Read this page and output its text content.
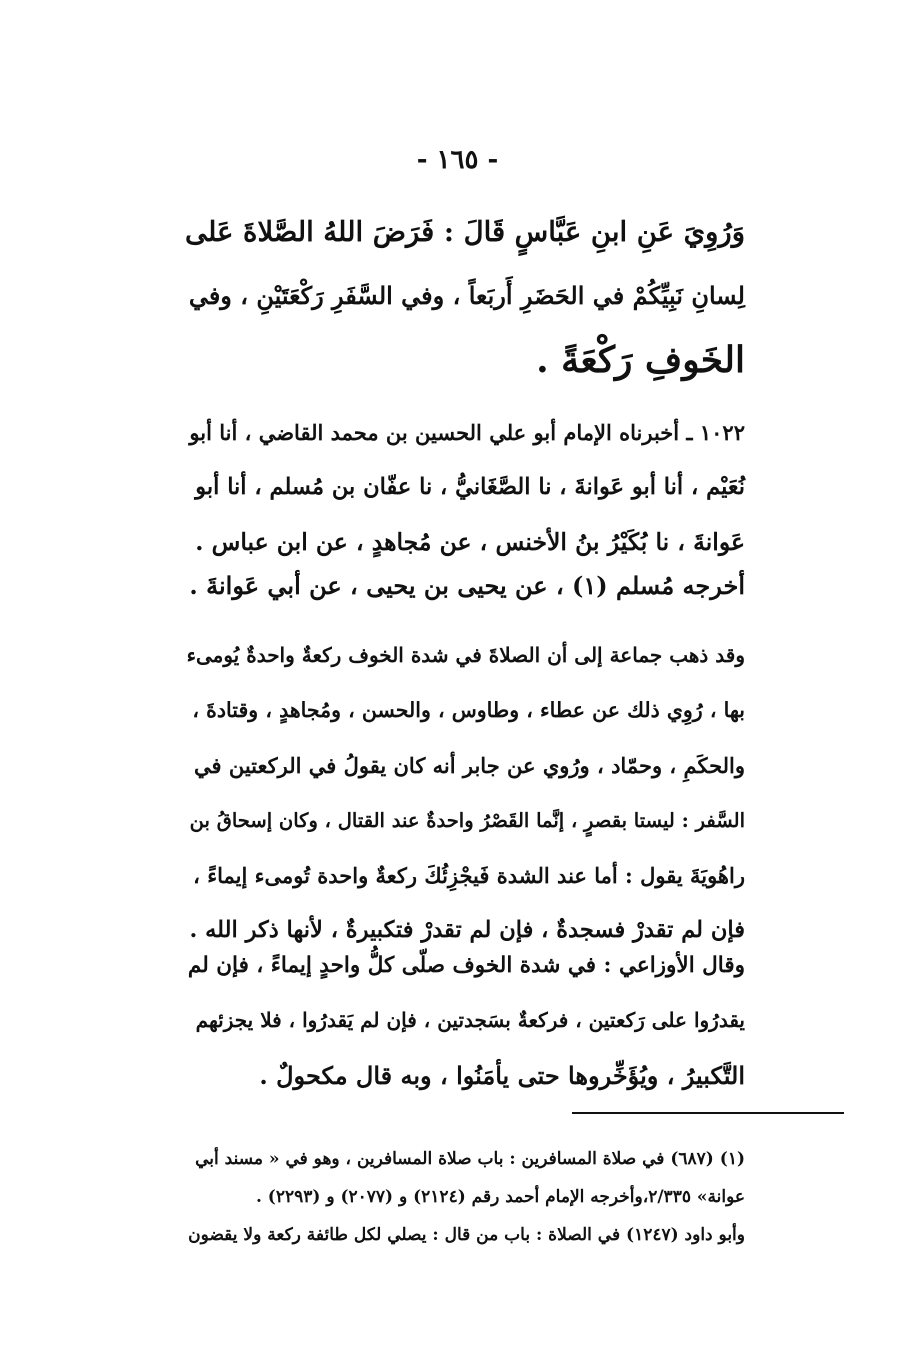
- ١٦٥ -
وَرُوِيَ عَنِ ابنِ عَبَّاسٍ قَالَ : فَرَضَ اللهُ الصَّلاةَ عَلى
لِسانِ نَبِيِّكُمْ في الحَضَرِ أَربَعاً ، وفي السَّفَرِ رَكْعَتَيْنِ ، وفي
الخَوفِ رَكْعَةً .
١٠٢٢ ـ أخبرناه الإمام أبو علي الحسين بن محمد القاضي ، أنا أبو
نُعَيْم ، أنا أبو عَوانةَ ، نا الصَّغَانيُّ ، نا عفّان بن مُسلم ، أنا أبو
عَوانةَ ، نا بُكَيْرُ بنُ الأخنس ، عن مُجاهدٍ ، عن ابن عباس .
أخرجه مُسلم (١) ، عن يحيى بن يحيى ، عن أبي عَوانةَ .
وقد ذهب جماعة إلى أن الصلاةَ في شدة الخوف ركعةٌ واحدةٌ يُومىء
بها ، رُوِي ذلك عن عطاء ، وطاوس ، والحسن ، ومُجاهدٍ ، وقتادةَ ،
والحكَمِ ، وحمّاد ، ورُوي عن جابر أنه كان يقولُ في الركعتين في
السَّفر : ليستا بقصرٍ ، إنَّما القَصْرُ واحدةٌ عند القتال ، وكان إسحاقُ بن
راهُويَةَ يقول : أما عند الشدة فَيجْزِئُكَ ركعةٌ واحدة تُومىء إيماءً ،
فإن لم تقدرْ فسجدةٌ ، فإن لم تقدرْ فتكبيرةٌ ، لأنها ذكر الله .
وقال الأوزاعي : في شدة الخوف صلّى كلُّ واحدٍ إيماءً ، فإن لم
يقدرُوا على رَكعتين ، فركعةٌ بسَجدتين ، فإن لم يَقدرُوا ، فلا يجزئهم
التَّكبيرُ ، ويُؤَخِّروها حتى يأمَنُوا ، وبه قال مكحولٌ .
(١) (٦٨٧) في صلاة المسافرين : باب صلاة المسافرين ، وهو في « مسند أبي
عوانة» ٢/٣٣٥،وأخرجه الإمام أحمد رقم (٢١٢٤) و (٢٠٧٧) و (٢٢٩٣) .
وأبو داود (١٢٤٧) في الصلاة : باب من قال : يصلي لكل طائفة ركعة ولا يقضون
